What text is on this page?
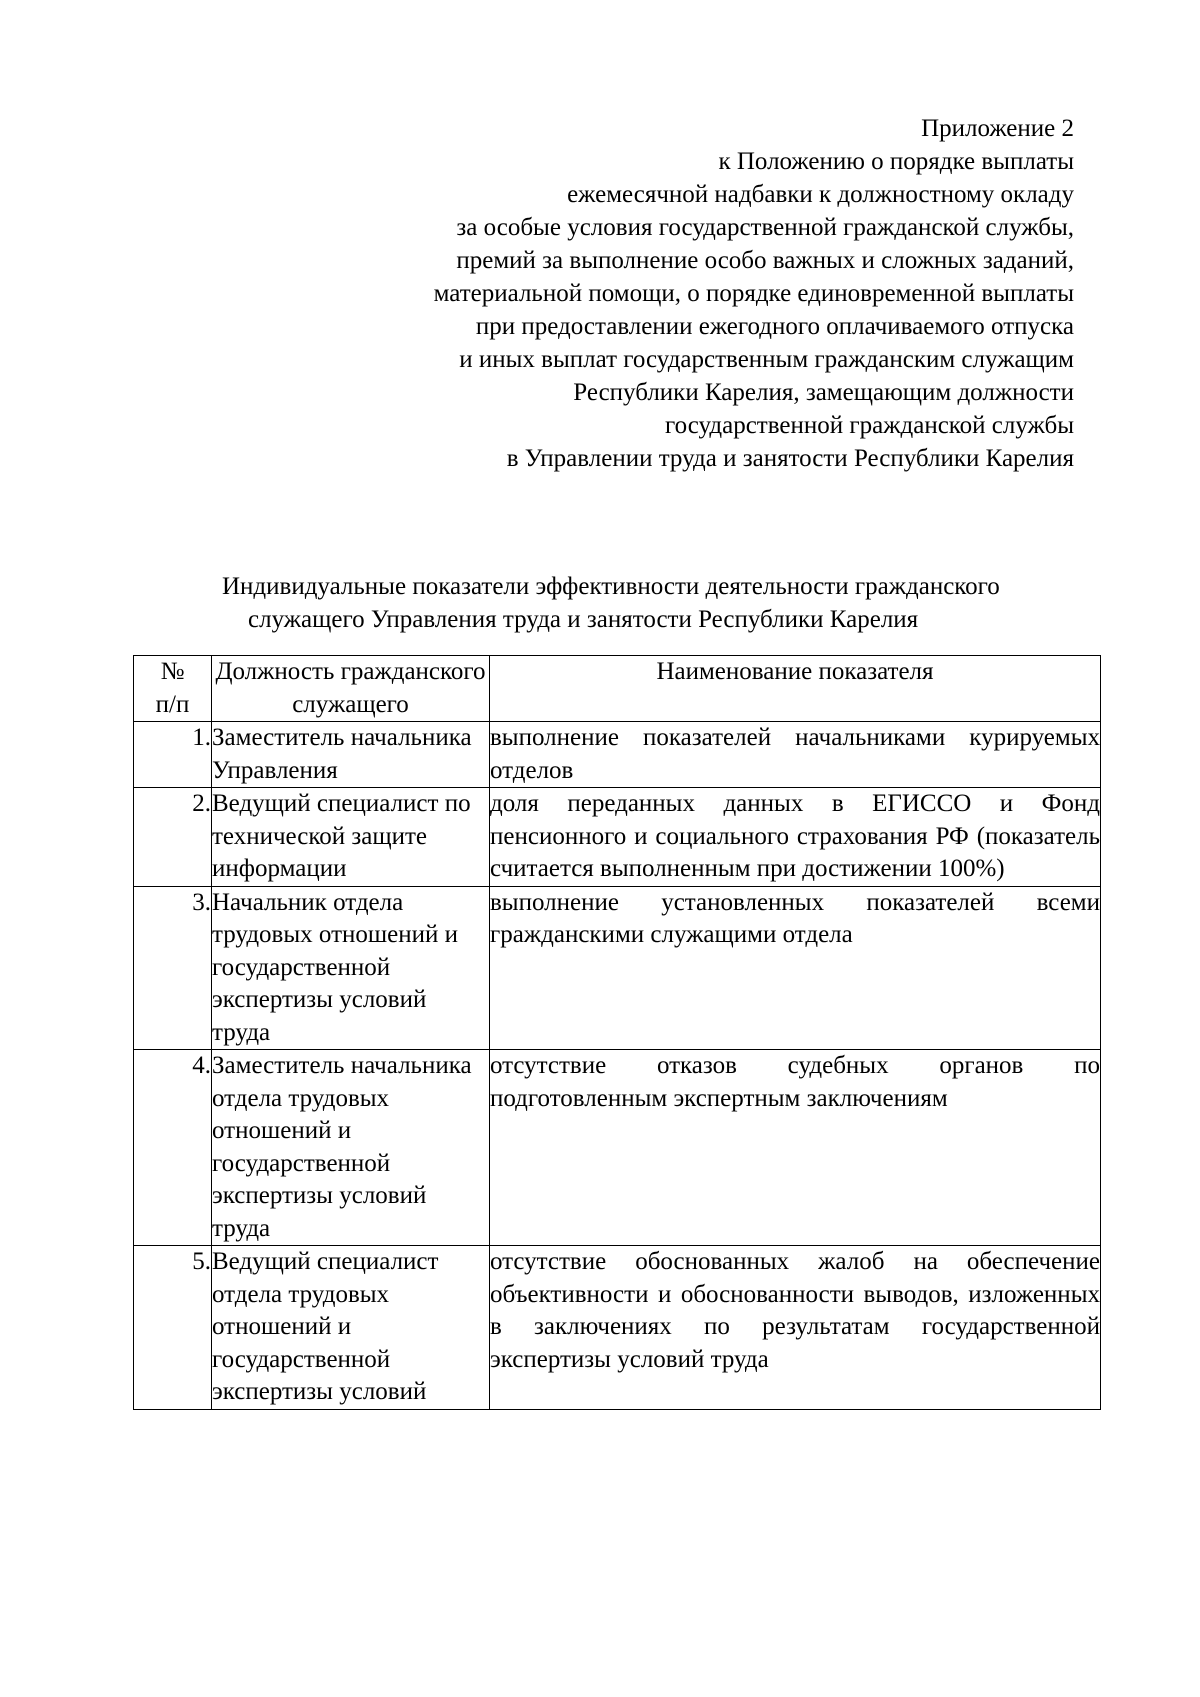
Приложение 2
к Положению о порядке выплаты
ежемесячной надбавки к должностному окладу
за особые условия государственной гражданской службы,
премий за выполнение особо важных и сложных заданий,
материальной помощи, о порядке единовременной выплаты
при предоставлении ежегодного оплачиваемого отпуска
и иных выплат государственным гражданским служащим
Республики Карелия, замещающим должности
государственной гражданской службы
в Управлении труда и занятости Республики Карелия
Индивидуальные показатели эффективности деятельности гражданского
служащего Управления труда и занятости Республики Карелия
№
п/п	Должность гражданского служащего	Наименование показателя
1.	Заместитель начальника Управления	выполнение показателей начальниками курируемых отделов
2.	Ведущий специалист по технической защите информации	доля переданных данных в ЕГИССО и Фонд пенсионного и социального страхования РФ (показатель считается выполненным при достижении 100%)
3.	Начальник отдела трудовых отношений и государственной экспертизы условий труда	выполнение установленных показателей всеми гражданскими служащими отдела
4.	Заместитель начальника отдела трудовых отношений и государственной экспертизы условий труда	отсутствие отказов судебных органов по подготовленным экспертным заключениям
5.	Ведущий специалист отдела трудовых отношений и государственной экспертизы условий	отсутствие обоснованных жалоб на обеспечение объективности и обоснованности выводов, изложенных в заключениях по результатам государственной экспертизы условий труда
